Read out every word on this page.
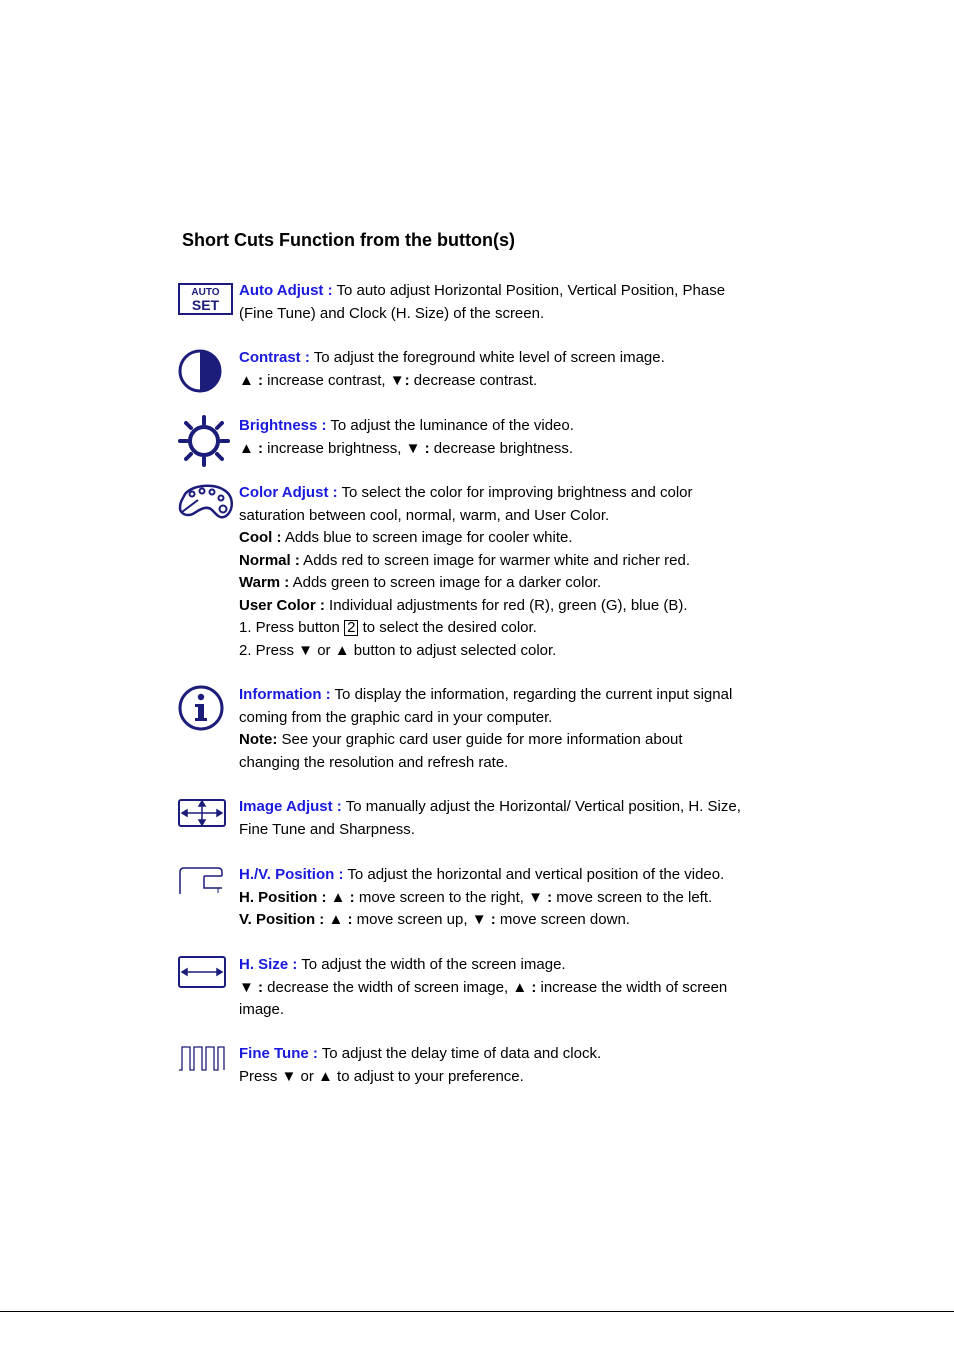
Short Cuts Function from the button(s)
AUTO
SET
Auto Adjust : To auto adjust Horizontal Position, Vertical Position, Phase
(Fine Tune) and Clock (H. Size) of the screen.
Contrast : To adjust the foreground white level of screen image.
▲ : increase contrast, ▼: decrease contrast.
Brightness : To adjust the luminance of the video.
▲ : increase brightness, ▼ : decrease brightness.
Color Adjust : To select the color for improving brightness and color
saturation between cool, normal, warm, and User Color.
Cool : Adds blue to screen image for cooler white.
Normal : Adds red to screen image for warmer white and richer red.
Warm : Adds green to screen image for a darker color.
User Color : Individual adjustments for red (R), green (G), blue (B).
1. Press button 2 to select the desired color.
2. Press ▼ or ▲ button to adjust selected color.
Information : To display the information, regarding the current input signal
coming from the graphic card in your computer.
Note: See your graphic card user guide for more information about
changing the resolution and refresh rate.
Image Adjust : To manually adjust the Horizontal/ Vertical position, H. Size,
Fine Tune and Sharpness.
H./V. Position : To adjust the horizontal and vertical position of the video.
H. Position : ▲ : move screen to the right, ▼ : move screen to the left.
V. Position : ▲ : move screen up, ▼ : move screen down.
H. Size : To adjust the width of the screen image.
▼ : decrease the width of screen image, ▲ : increase the width of screen
image.
Fine Tune : To adjust the delay time of data and clock.
Press ▼ or ▲ to adjust to your preference.
